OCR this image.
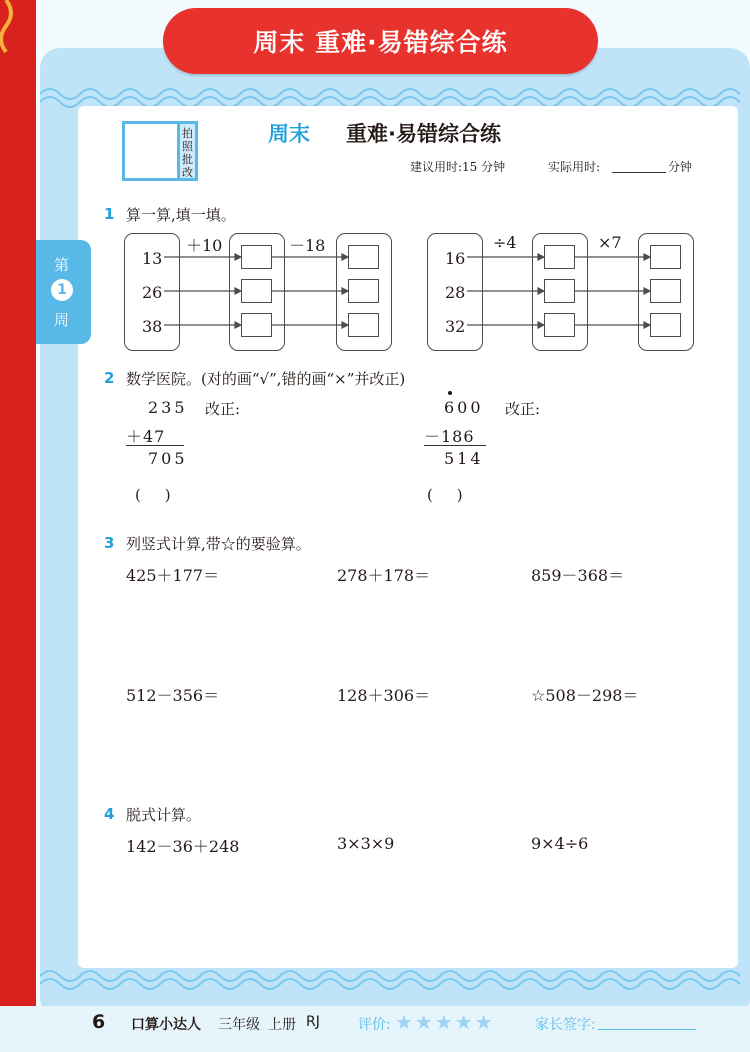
周末 重难·易错综合练
第
1
周
拍照批改
周末 重难·易错综合练
建议用时:15 分钟	实际用时:	分钟
1 算一算,填一填。
13
26
38
＋10	－18
16
28
32
÷4	×7
2 数学医院。(对的画“√”,错的画“×”并改正)
235 改正:
＋47
705
(     )
600 改正:
－186
514
(     )
3 列竖式计算,带☆的要验算。
425＋177＝	278＋178＝	859－368＝
512－356＝	128＋306＝	☆508－298＝
4 脱式计算。
142－36＋248	3×3×9	9×4÷6
6 口算小达人 三年级 上册 RJ	评价: ★★★★★	家长签字:
